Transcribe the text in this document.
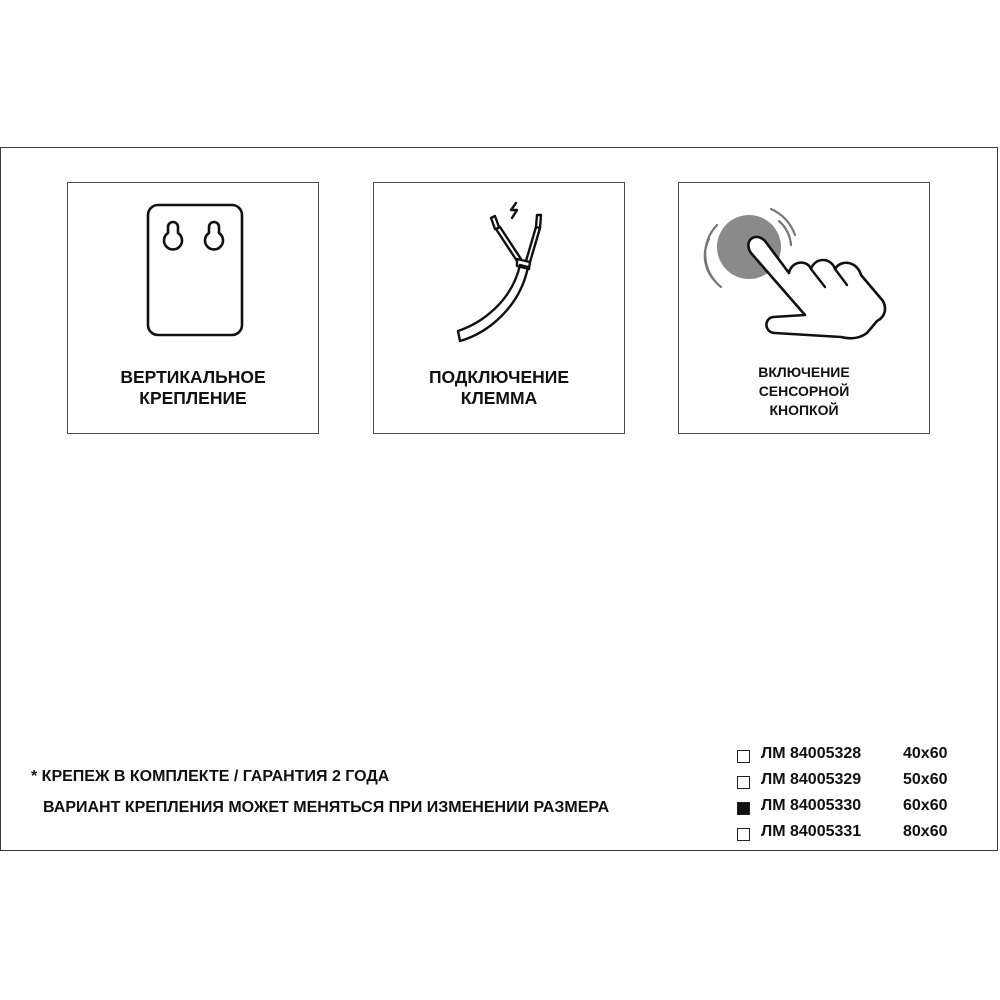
ВЕРТИКАЛЬНОЕ
КРЕПЛЕНИЕ
ПОДКЛЮЧЕНИЕ
КЛЕММА
ВКЛЮЧЕНИЕ
СЕНСОРНОЙ
КНОПКОЙ
* КРЕПЕЖ В КОМПЛЕКТЕ / ГАРАНТИЯ 2 ГОДА
ВАРИАНТ КРЕПЛЕНИЯ МОЖЕТ МЕНЯТЬСЯ ПРИ ИЗМЕНЕНИИ РАЗМЕРА
ЛМ 84005328	40x60
ЛМ 84005329	50x60
ЛМ 84005330	60x60
ЛМ 84005331	80x60
